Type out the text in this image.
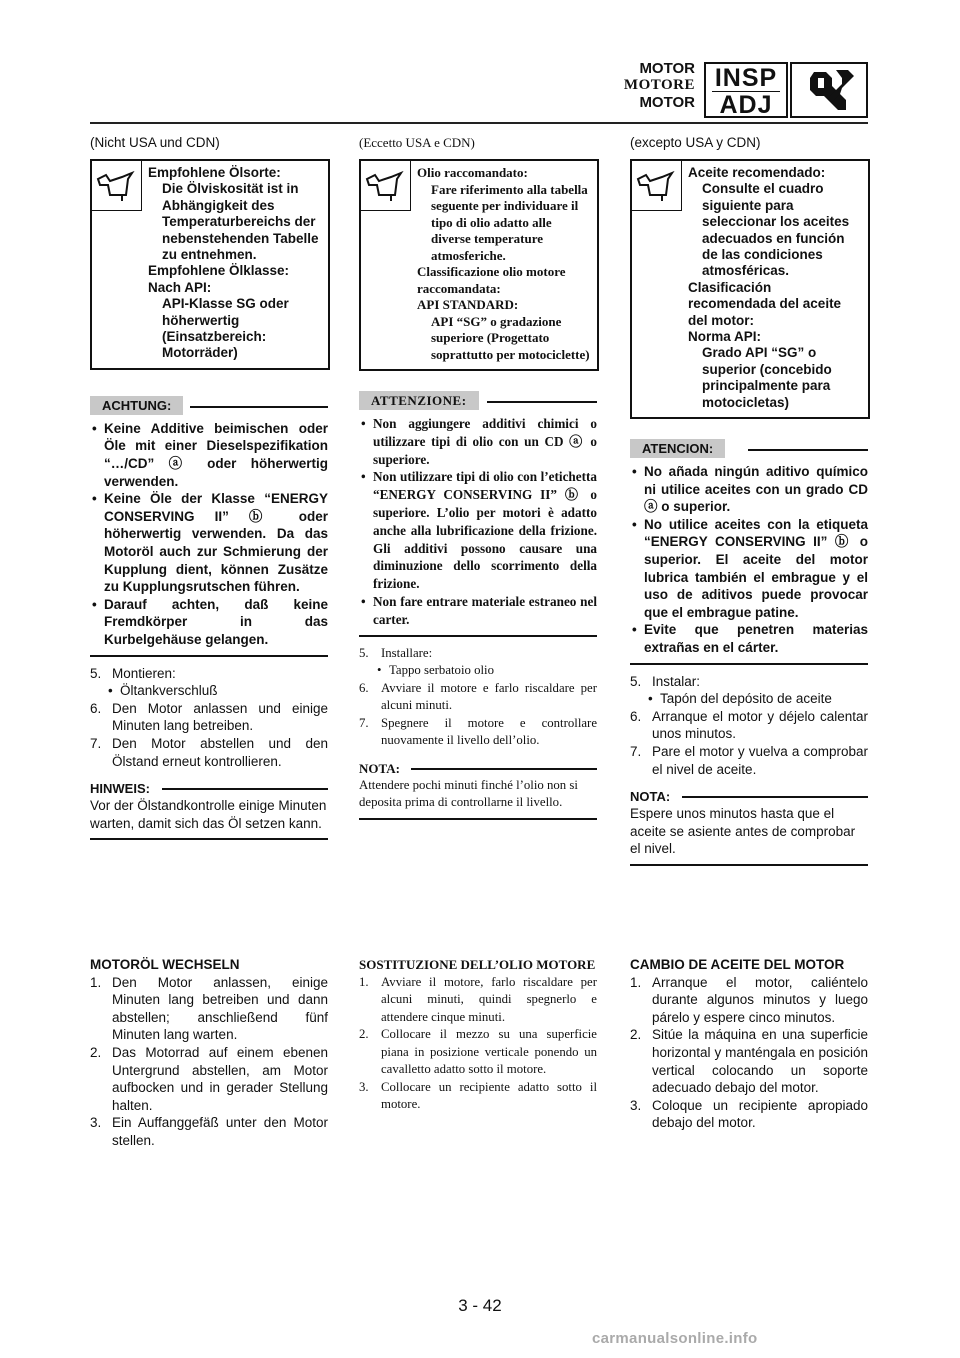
MOTOR
MOTORE
MOTOR
INSP
ADJ
(Nicht USA und CDN)
Empfohlene Ölsorte:
Die Ölviskosität ist in Abhängigkeit des Temperaturbereichs der nebenstehenden Tabelle zu entnehmen.
Empfohlene Ölklasse:
Nach API:
API-Klasse SG oder höherwertig (Einsatzbereich: Motorräder)
ACHTUNG:
• Keine Additive beimischen oder Öle mit einer Dieselspezifikation “…/CD” ⓐ oder höherwertig verwenden.
• Keine Öle der Klasse “ENERGY CONSERVING II” ⓑ oder höherwertig verwenden. Da das Motoröl auch zur Schmierung der Kupplung dient, können Zusätze zu Kupplungsrutschen führen.
• Darauf achten, daß keine Fremdkörper in das Kurbelgehäuse gelangen.
5. Montieren:
• Öltankverschluß
6. Den Motor anlassen und einige Minuten lang betreiben.
7. Den Motor abstellen und den Ölstand erneut kontrollieren.
HINWEIS:
Vor der Ölstandkontrolle einige Minuten warten, damit sich das Öl setzen kann.
(Eccetto USA e CDN)
Olio raccomandato:
Fare riferimento alla tabella seguente per individuare il tipo di olio adatto alle diverse temperature atmosferiche.
Classificazione olio motore raccomandata:
API STANDARD:
API “SG” o gradazione superiore (Progettato soprattutto per motociclette)
ATTENZIONE:
• Non aggiungere additivi chimici o utilizzare tipi di olio con un CD ⓐ o superiore.
• Non utilizzare tipi di olio con l’etichetta “ENERGY CONSERVING II” ⓑ o superiore. L’olio per motori è adatto anche alla lubrificazione della frizione. Gli additivi possono causare una diminuzione dello scorrimento della frizione.
• Non fare entrare materiale estraneo nel carter.
5. Installare:
• Tappo serbatoio olio
6. Avviare il motore e farlo riscaldare per alcuni minuti.
7. Spegnere il motore e controllare nuovamente il livello dell’olio.
NOTA:
Attendere pochi minuti finché l’olio non si deposita prima di controllarne il livello.
(excepto USA y CDN)
Aceite recomendado:
Consulte el cuadro siguiente para seleccionar los aceites adecuados en función de las condiciones atmosféricas.
Clasificación recomendada del aceite del motor:
Norma API:
Grado API “SG” o superior (concebido principalmente para motocicletas)
ATENCION:
• No añada ningún aditivo químico ni utilice aceites con un grado CD ⓐ o superior.
• No utilice aceites con la etiqueta “ENERGY CONSERVING II” ⓑ o superior. El aceite del motor lubrica también el embrague y el uso de aditivos puede provocar que el embrague patine.
• Evite que penetren materias extrañas en el cárter.
5. Instalar:
• Tapón del depósito de aceite
6. Arranque el motor y déjelo calentar unos minutos.
7. Pare el motor y vuelva a comprobar el nivel de aceite.
NOTA:
Espere unos minutos hasta que el aceite se asiente antes de comprobar el nivel.
MOTORÖL WECHSELN
1. Den Motor anlassen, einige Minuten lang betreiben und dann abstellen; anschließend fünf Minuten lang warten.
2. Das Motorrad auf einem ebenen Untergrund abstellen, am Motor aufbocken und in gerader Stellung halten.
3. Ein Auffanggefäß unter den Motor stellen.
SOSTITUZIONE DELL’OLIO MOTORE
1. Avviare il motore, farlo riscaldare per alcuni minuti, quindi spegnerlo e attendere cinque minuti.
2. Collocare il mezzo su una superficie piana in posizione verticale ponendo un cavalletto adatto sotto il motore.
3. Collocare un recipiente adatto sotto il motore.
CAMBIO DE ACEITE DEL MOTOR
1. Arranque el motor, caliéntelo durante algunos minutos y luego párelo y espere cinco minutos.
2. Sitúe la máquina en una superficie horizontal y manténgala en posición vertical colocando un soporte adecuado debajo del motor.
3. Coloque un recipiente apropiado debajo del motor.
3 - 42
carmanualsonline.info
